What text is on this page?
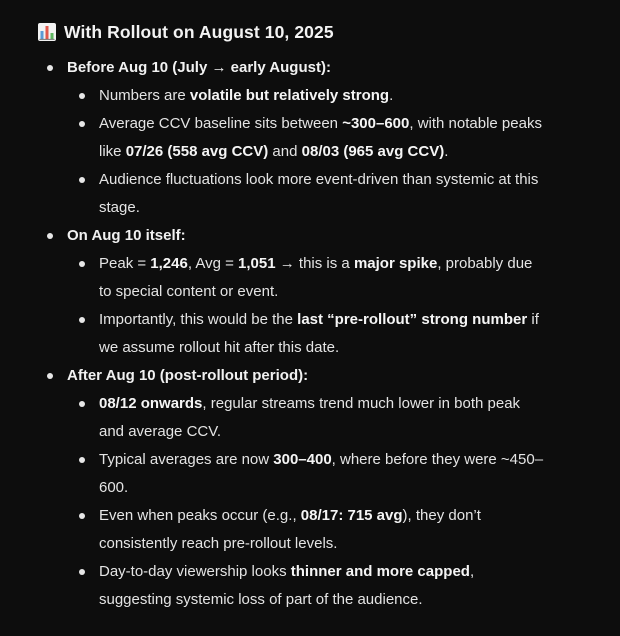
With Rollout on August 10, 2025
Before Aug 10 (July → early August):
Numbers are volatile but relatively strong.
Average CCV baseline sits between ~300–600, with notable peaks like 07/26 (558 avg CCV) and 08/03 (965 avg CCV).
Audience fluctuations look more event-driven than systemic at this stage.
On Aug 10 itself:
Peak = 1,246, Avg = 1,051 → this is a major spike, probably due to special content or event.
Importantly, this would be the last “pre-rollout” strong number if we assume rollout hit after this date.
After Aug 10 (post-rollout period):
08/12 onwards, regular streams trend much lower in both peak and average CCV.
Typical averages are now 300–400, where before they were ~450–600.
Even when peaks occur (e.g., 08/17: 715 avg), they don’t consistently reach pre-rollout levels.
Day-to-day viewership looks thinner and more capped, suggesting systemic loss of part of the audience.
